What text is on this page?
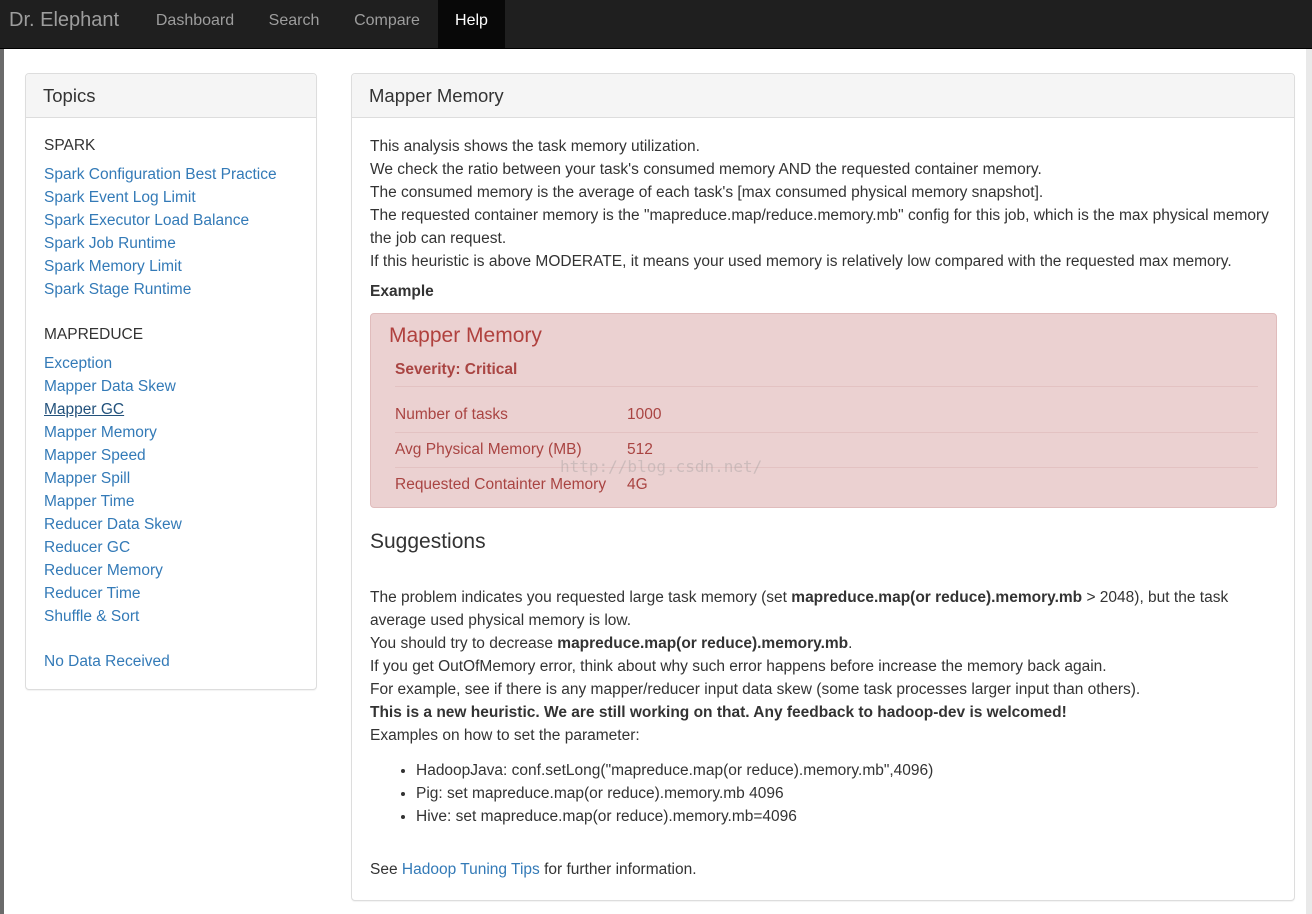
Dr. Elephant	Dashboard	Search	Compare	Help
Topics
SPARK
Spark Configuration Best Practice
Spark Event Log Limit
Spark Executor Load Balance
Spark Job Runtime
Spark Memory Limit
Spark Stage Runtime
MAPREDUCE
Exception
Mapper Data Skew
Mapper GC
Mapper Memory
Mapper Speed
Mapper Spill
Mapper Time
Reducer Data Skew
Reducer GC
Reducer Memory
Reducer Time
Shuffle & Sort
No Data Received
Mapper Memory

This analysis shows the task memory utilization.

We check the ratio between your task's consumed memory AND the requested container memory.

The consumed memory is the average of each task's [max consumed physical memory snapshot].

The requested container memory is the "mapreduce.map/reduce.memory.mb" config for this job, which is the max physical memory the job can request.

If this heuristic is above MODERATE, it means your used memory is relatively low compared with the requested max memory.

Example
Mapper Memory
Severity: Critical
Number of tasks	1000
Avg Physical Memory (MB)	512
Requested Containter Memory 4G
Suggestions

The problem indicates you requested large task memory (set mapreduce.map(or reduce).memory.mb > 2048), but the task average used physical memory is low.

You should try to decrease mapreduce.map(or reduce).memory.mb.

If you get OutOfMemory error, think about why such error happens before increase the memory back again.

For example, see if there is any mapper/reducer input data skew (some task processes larger input than others).

This is a new heuristic. We are still working on that. Any feedback to hadoop-dev is welcomed!

Examples on how to set the parameter:

• HadoopJava: conf.setLong("mapreduce.map(or reduce).memory.mb",4096)
• Pig: set mapreduce.map(or reduce).memory.mb 4096
• Hive: set mapreduce.map(or reduce).memory.mb=4096
See Hadoop Tuning Tips for further information.
http://blog.csdn.net/
